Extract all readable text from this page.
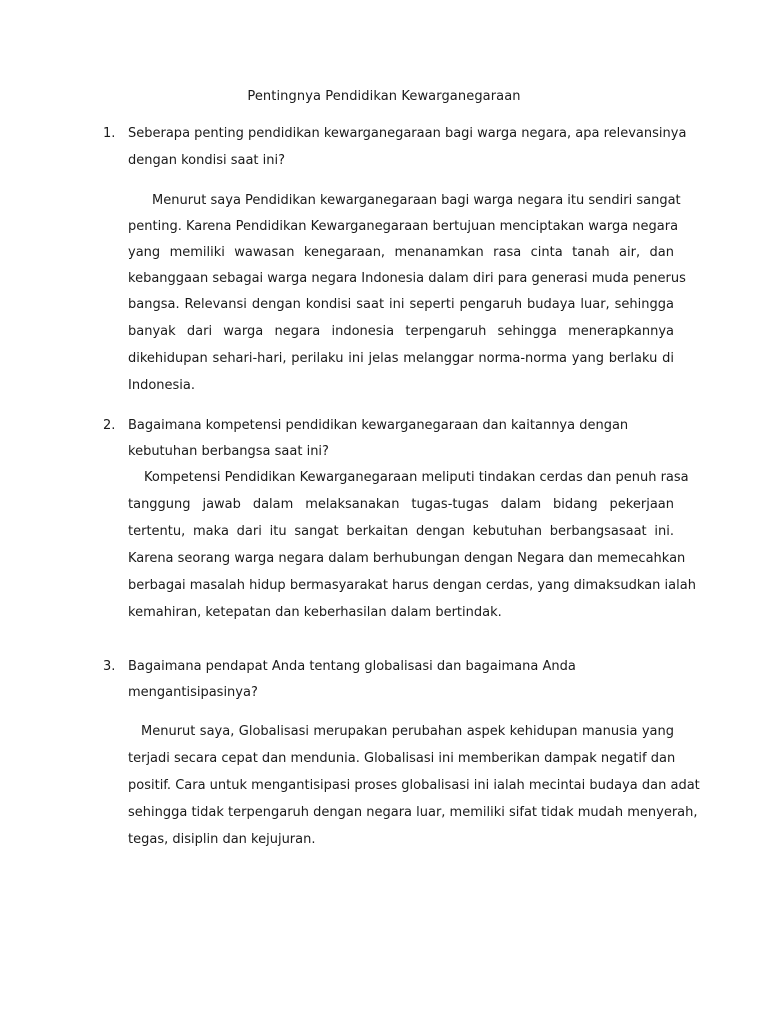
Pentingnya Pendidikan Kewarganegaraan
1. Seberapa penting pendidikan kewarganegaraan bagi warga negara, apa relevansinya
dengan kondisi saat ini?
Menurut saya Pendidikan kewarganegaraan bagi warga negara itu sendiri sangat
penting. Karena Pendidikan Kewarganegaraan bertujuan menciptakan warga negara
yang memiliki wawasan kenegaraan, menanamkan rasa cinta tanah air, dan
kebanggaan sebagai warga negara Indonesia dalam diri para generasi muda penerus
bangsa. Relevansi dengan kondisi saat ini seperti pengaruh budaya luar, sehingga
banyak dari warga negara indonesia terpengaruh sehingga menerapkannya
dikehidupan sehari-hari, perilaku ini jelas melanggar norma-norma yang berlaku di
Indonesia.
2. Bagaimana kompetensi pendidikan kewarganegaraan dan kaitannya dengan
kebutuhan berbangsa saat ini?
Kompetensi Pendidikan Kewarganegaraan meliputi tindakan cerdas dan penuh rasa
tanggung jawab dalam melaksanakan tugas-tugas dalam bidang pekerjaan
tertentu, maka dari itu sangat berkaitan dengan kebutuhan berbangsasaat ini.
Karena seorang warga negara dalam berhubungan dengan Negara dan memecahkan
berbagai masalah hidup bermasyarakat harus dengan cerdas, yang dimaksudkan ialah
kemahiran, ketepatan dan keberhasilan dalam bertindak.
3. Bagaimana pendapat Anda tentang globalisasi dan bagaimana Anda
mengantisipasinya?
Menurut saya, Globalisasi merupakan perubahan aspek kehidupan manusia yang
terjadi secara cepat dan mendunia. Globalisasi ini memberikan dampak negatif dan
positif. Cara untuk mengantisipasi proses globalisasi ini ialah mecintai budaya dan adat
sehingga tidak terpengaruh dengan negara luar, memiliki sifat tidak mudah menyerah,
tegas, disiplin dan kejujuran.
